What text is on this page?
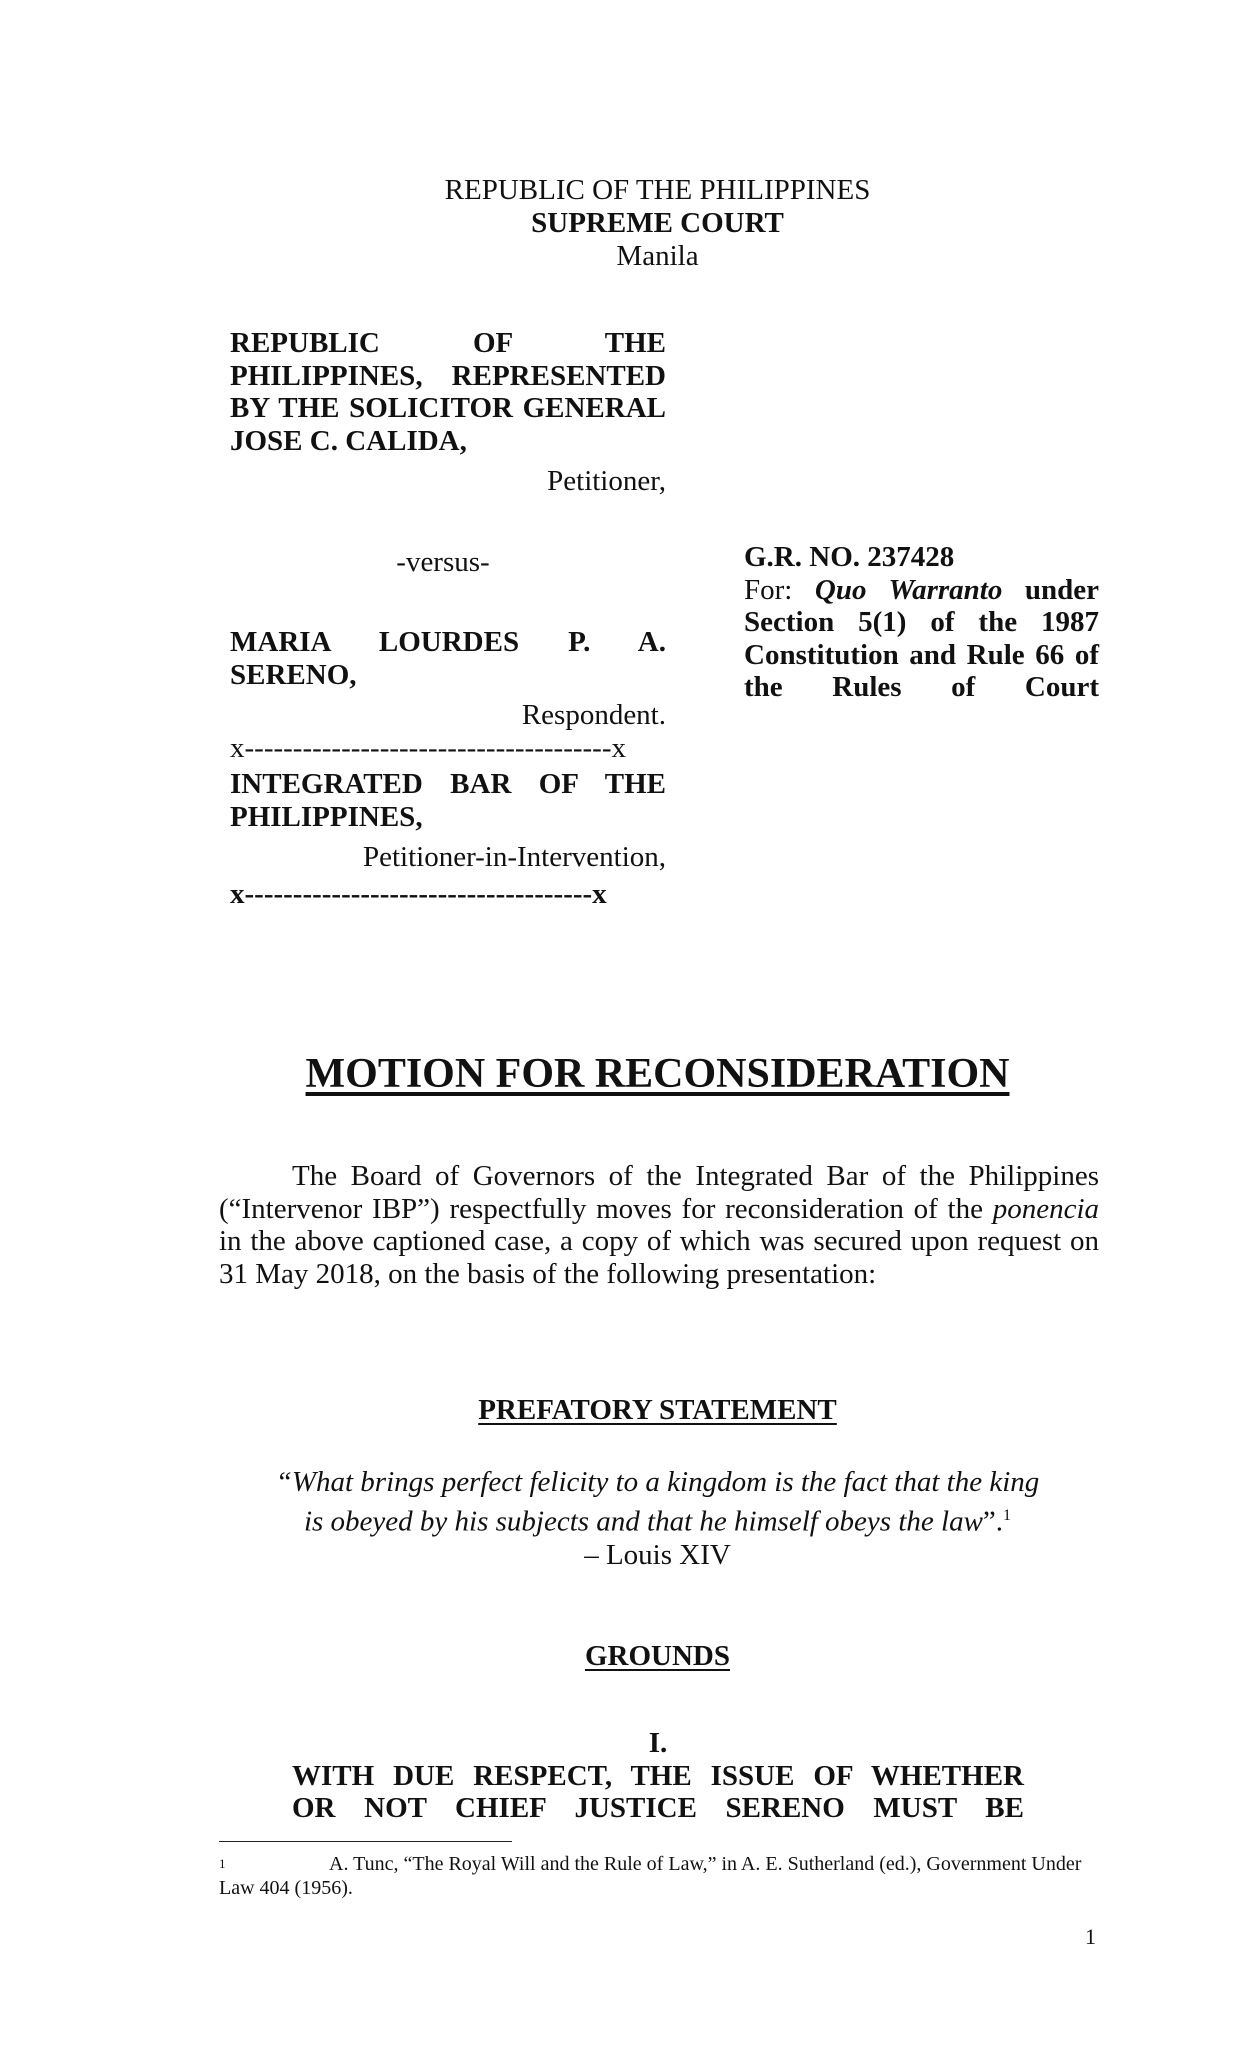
REPUBLIC OF THE PHILIPPINES
SUPREME COURT
Manila
REPUBLIC OF THE PHILIPPINES, REPRESENTED BY THE SOLICITOR GENERAL JOSE C. CALIDA,
Petitioner,
-versus-
MARIA LOURDES P. A. SERENO,
Respondent.
x--------------------------------------x
INTEGRATED BAR OF THE PHILIPPINES,
Petitioner-in-Intervention,
x------------------------------------x
G.R. NO. 237428
For: Quo Warranto under Section 5(1) of the 1987 Constitution and Rule 66 of the Rules of Court
MOTION FOR RECONSIDERATION
The Board of Governors of the Integrated Bar of the Philippines (“Intervenor IBP”) respectfully moves for reconsideration of the ponencia in the above captioned case, a copy of which was secured upon request on 31 May 2018, on the basis of the following presentation:
PREFATORY STATEMENT
“What brings perfect felicity to a kingdom is the fact that the king
is obeyed by his subjects and that he himself obeys the law”.$^1$
– Louis XIV
GROUNDS
I.
WITH DUE RESPECT, THE ISSUE OF WHETHER
OR NOT CHIEF JUSTICE SERENO MUST BE
1	A. Tunc, “The Royal Will and the Rule of Law,” in A. E. Sutherland (ed.), Government Under Law 404 (1956).
1
